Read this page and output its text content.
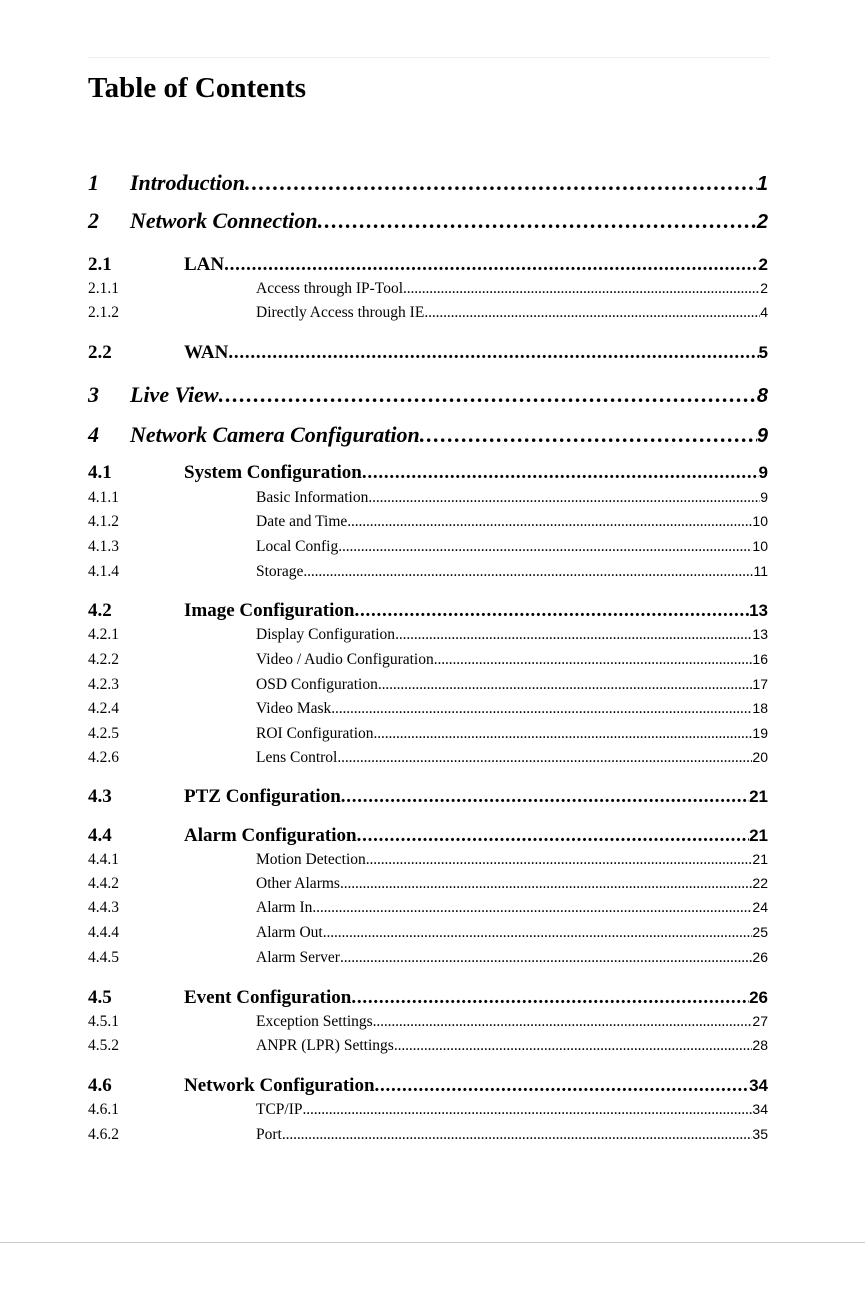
Table of Contents
1	Introduction . . .	1
2	Network Connection . . .	2
2.1	LAN . . .	2
2.1.1	Access through IP-Tool . . .	2
2.1.2	Directly Access through IE . . .	4
2.2	WAN . . .	5
3	Live View . . .	8
4	Network Camera Configuration . . .	9
4.1	System Configuration . . .	9
4.1.1	Basic Information . . .	9
4.1.2	Date and Time . . .	10
4.1.3	Local Config . . .	10
4.1.4	Storage . . .	11
4.2	Image Configuration . . .	13
4.2.1	Display Configuration . . .	13
4.2.2	Video / Audio Configuration . . .	16
4.2.3	OSD Configuration . . .	17
4.2.4	Video Mask . . .	18
4.2.5	ROI Configuration . . .	19
4.2.6	Lens Control . . .	20
4.3	PTZ Configuration . . .	21
4.4	Alarm Configuration . . .	21
4.4.1	Motion Detection . . .	21
4.4.2	Other Alarms . . .	22
4.4.3	Alarm In . . .	24
4.4.4	Alarm Out . . .	25
4.4.5	Alarm Server . . .	26
4.5	Event Configuration . . .	26
4.5.1	Exception Settings . . .	27
4.5.2	ANPR (LPR) Settings . . .	28
4.6	Network Configuration . . .	34
4.6.1	TCP/IP . . .	34
4.6.2	Port . . .	35
